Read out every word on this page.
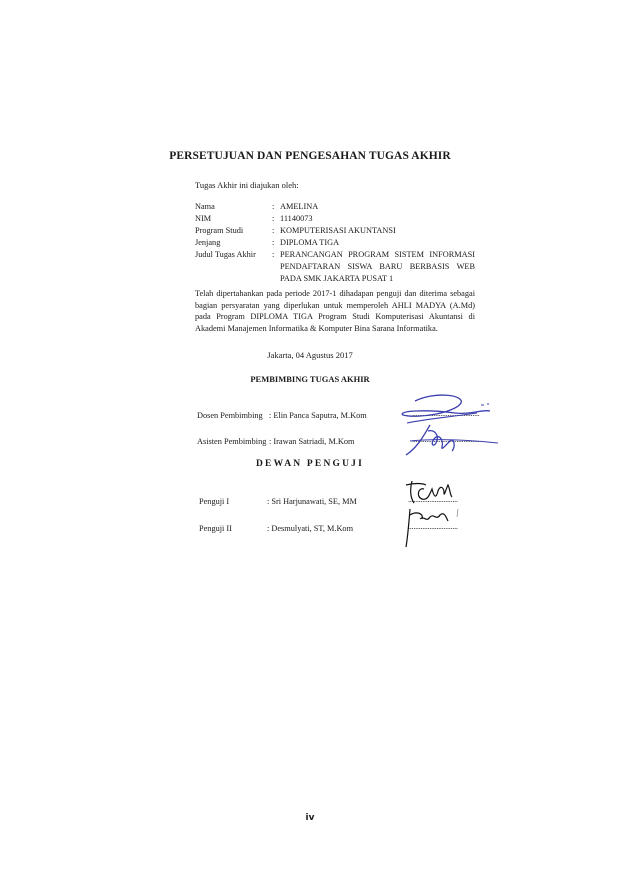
PERSETUJUAN DAN PENGESAHAN TUGAS AKHIR
Tugas Akhir ini diajukan oleh:
Nama	: AMELINA
NIM	: 11140073
Program Studi	: KOMPUTERISASI AKUNTANSI
Jenjang	: DIPLOMA TIGA
Judul Tugas Akhir	: PERANCANGAN PROGRAM SISTEM INFORMASI
PENDAFTARAN SISWA BARU BERBASIS WEB
PADA SMK JAKARTA PUSAT 1
Telah dipertahankan pada periode 2017-1 dihadapan penguji dan diterima sebagai bagian persyaratan yang diperlukan untuk memperoleh AHLI MADYA (A.Md) pada Program DIPLOMA TIGA Program Studi Komputerisasi Akuntansi di Akademi Manajemen Informatika & Komputer Bina Sarana Informatika.
Jakarta, 04 Agustus 2017
PEMBIMBING TUGAS AKHIR
Dosen Pembimbing : Elin Panca Saputra, M.Kom	......................................
Asisten Pembimbing : Irawan Satriadi, M.Kom	......................................
DEWAN PENGUJI
Penguji I	: Sri Harjunawati, SE, MM	............................
Penguji II	: Desmulyati, ST, M.Kom	............................
iv
